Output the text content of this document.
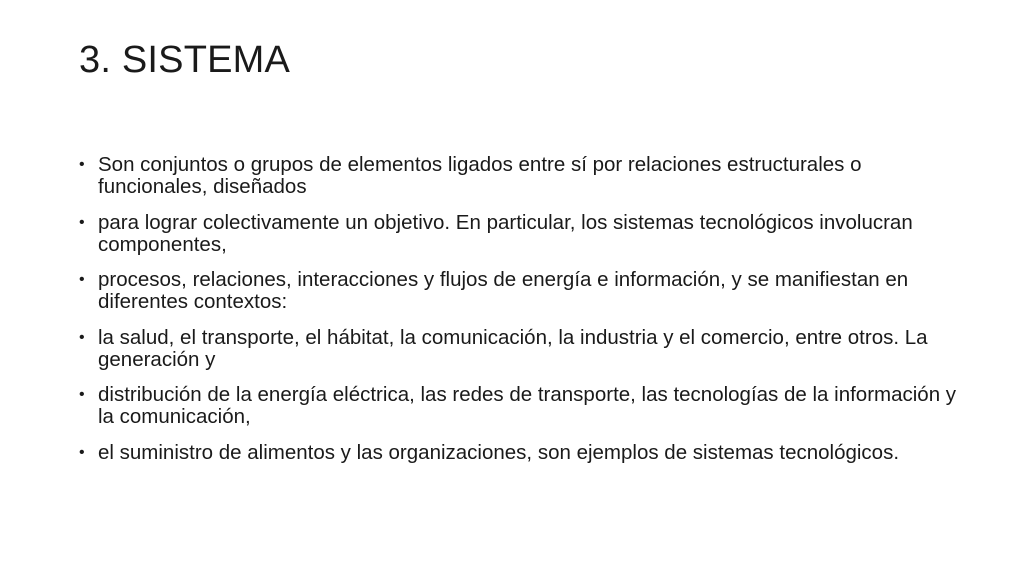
3. SISTEMA
• Son conjuntos o grupos de elementos ligados entre sí por relaciones estructurales o funcionales, diseñados
• para lograr colectivamente un objetivo. En particular, los sistemas tecnológicos involucran componentes,
• procesos, relaciones, interacciones y flujos de energía e información, y se manifiestan en diferentes contextos:
• la salud, el transporte, el hábitat, la comunicación, la industria y el comercio, entre otros. La generación y
• distribución de la energía eléctrica, las redes de transporte, las tecnologías de la información y la comunicación,
• el suministro de alimentos y las organizaciones, son ejemplos de sistemas tecnológicos.
